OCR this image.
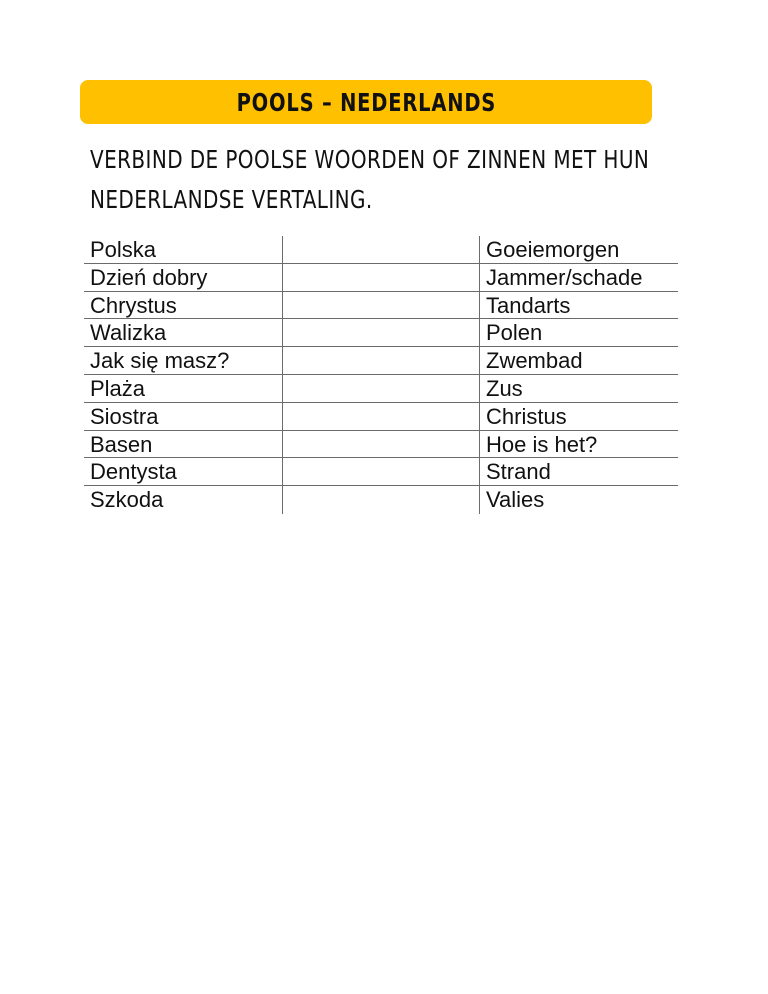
POOLS – NEDERLANDS
VERBIND DE POOLSE WOORDEN OF ZINNEN MET HUN
NEDERLANDSE VERTALING.
Polska	Goeiemorgen
Dzień dobry	Jammer/schade
Chrystus	Tandarts
Walizka	Polen
Jak się masz?	Zwembad
Plaża	Zus
Siostra	Christus
Basen	Hoe is het?
Dentysta	Strand
Szkoda	Valies
